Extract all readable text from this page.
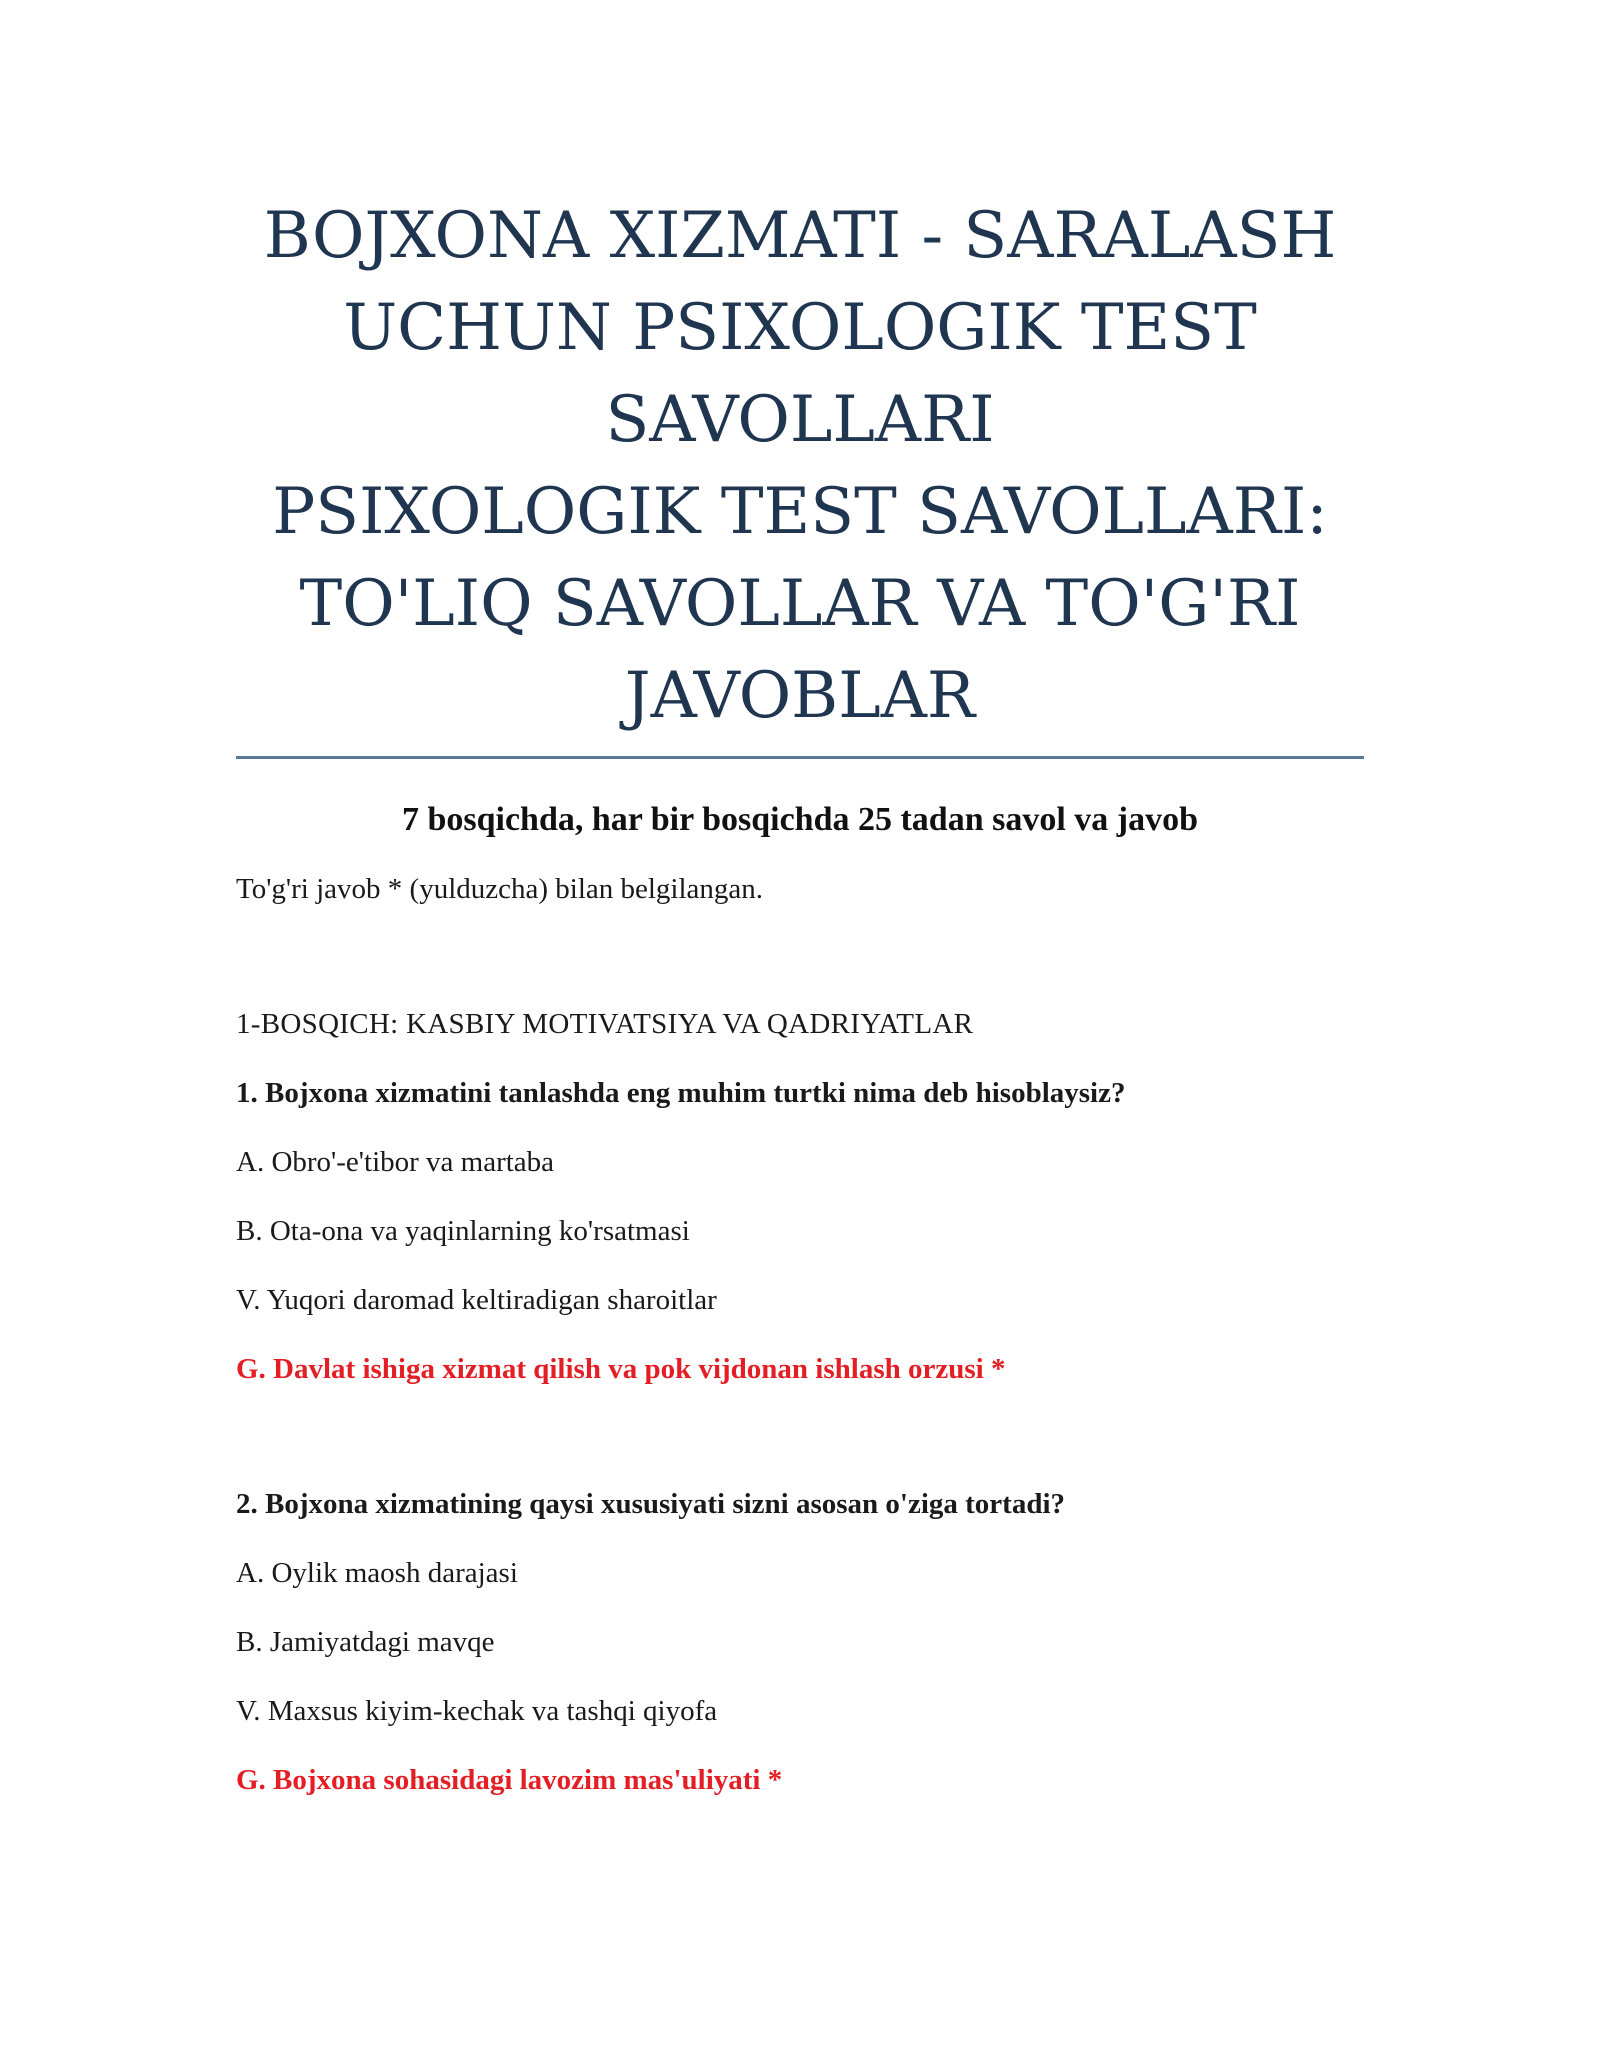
BOJXONA XIZMATI - SARALASH
UCHUN PSIXOLOGIK TEST
SAVOLLARI
PSIXOLOGIK TEST SAVOLLARI:
TO'LIQ SAVOLLAR VA TO'G'RI
JAVOBLAR
7 bosqichda, har bir bosqichda 25 tadan savol va javob
To'g'ri javob * (yulduzcha) bilan belgilangan.
1-BOSQICH: KASBIY MOTIVATSIYA VA QADRIYATLAR
1. Bojxona xizmatini tanlashda eng muhim turtki nima deb hisoblaysiz?
A. Obro'-e'tibor va martaba
B. Ota-ona va yaqinlarning ko'rsatmasi
V. Yuqori daromad keltiradigan sharoitlar
G. Davlat ishiga xizmat qilish va pok vijdonan ishlash orzusi *
2. Bojxona xizmatining qaysi xususiyati sizni asosan o'ziga tortadi?
A. Oylik maosh darajasi
B. Jamiyatdagi mavqe
V. Maxsus kiyim-kechak va tashqi qiyofa
G. Bojxona sohasidagi lavozim mas'uliyati *
